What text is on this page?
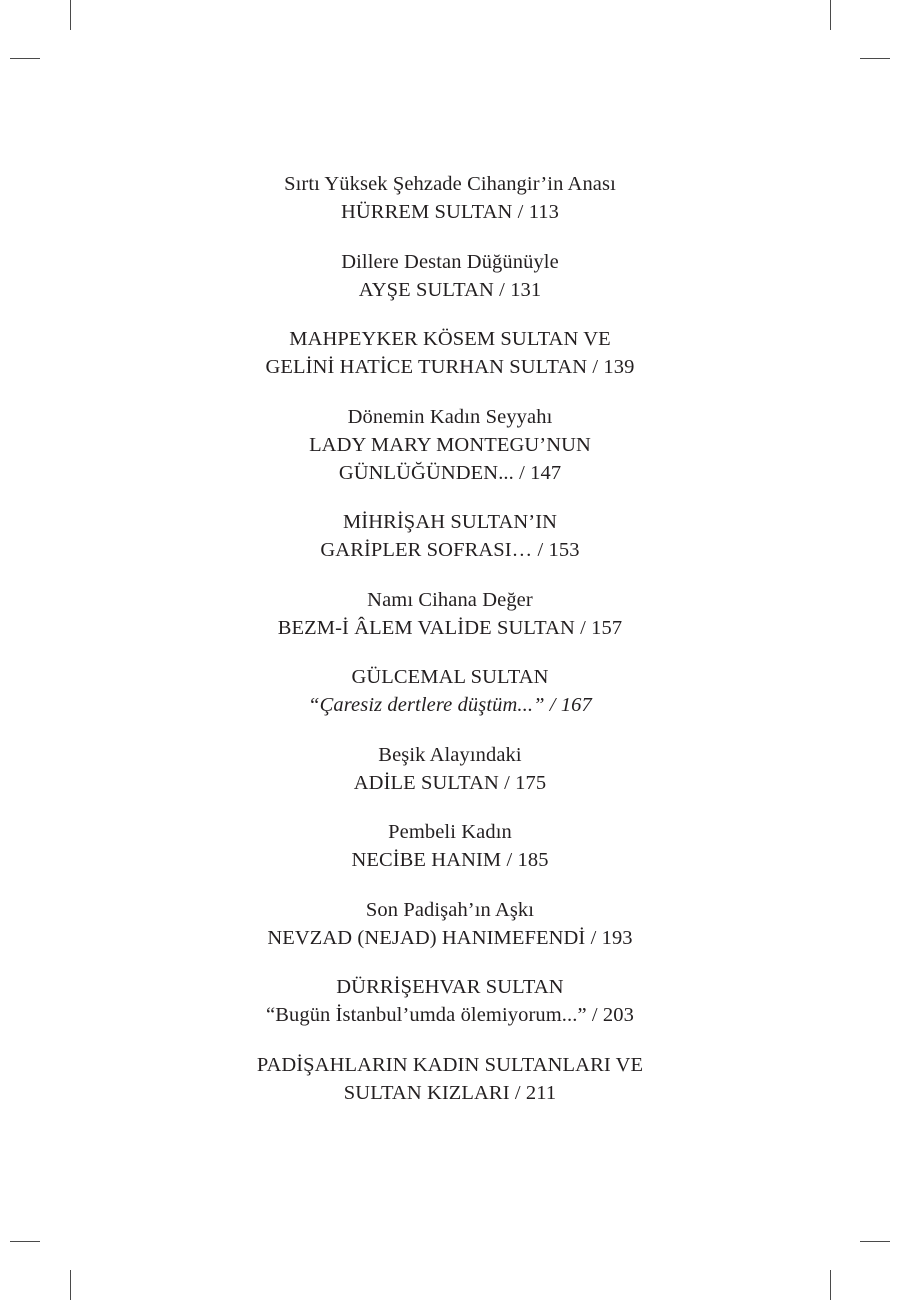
Sırtı Yüksek Şehzade Cihangir’in Anası
HÜRREM SULTAN / 113
Dillere Destan Düğünüyle
AYŞE SULTAN / 131
MAHPEYKER KÖSEM SULTAN VE
GELİNİ HATİCE TURHAN SULTAN / 139
Dönemin Kadın Seyyahı
LADY MARY MONTEGU’NUN
GÜNLÜĞÜNDEN... / 147
MİHRİŞAH SULTAN’IN
GARİPLER SOFRASI… / 153
Namı Cihana Değer
BEZM-İ ÂLEM VALİDE SULTAN / 157
GÜLCEMAL SULTAN
“Çaresiz dertlere düştüm...” / 167
Beşik Alayındaki
ADİLE SULTAN / 175
Pembeli Kadın
NECİBE HANIM / 185
Son Padişah’ın Aşkı
NEVZAD (NEJAD) HANIMEFENDİ / 193
DÜRRİŞEHVAR SULTAN
“Bugün İstanbul’umda ölemiyorum...” / 203
PADİŞAHLARIN KADIN SULTANLARI VE
SULTAN KIZLARI / 211
